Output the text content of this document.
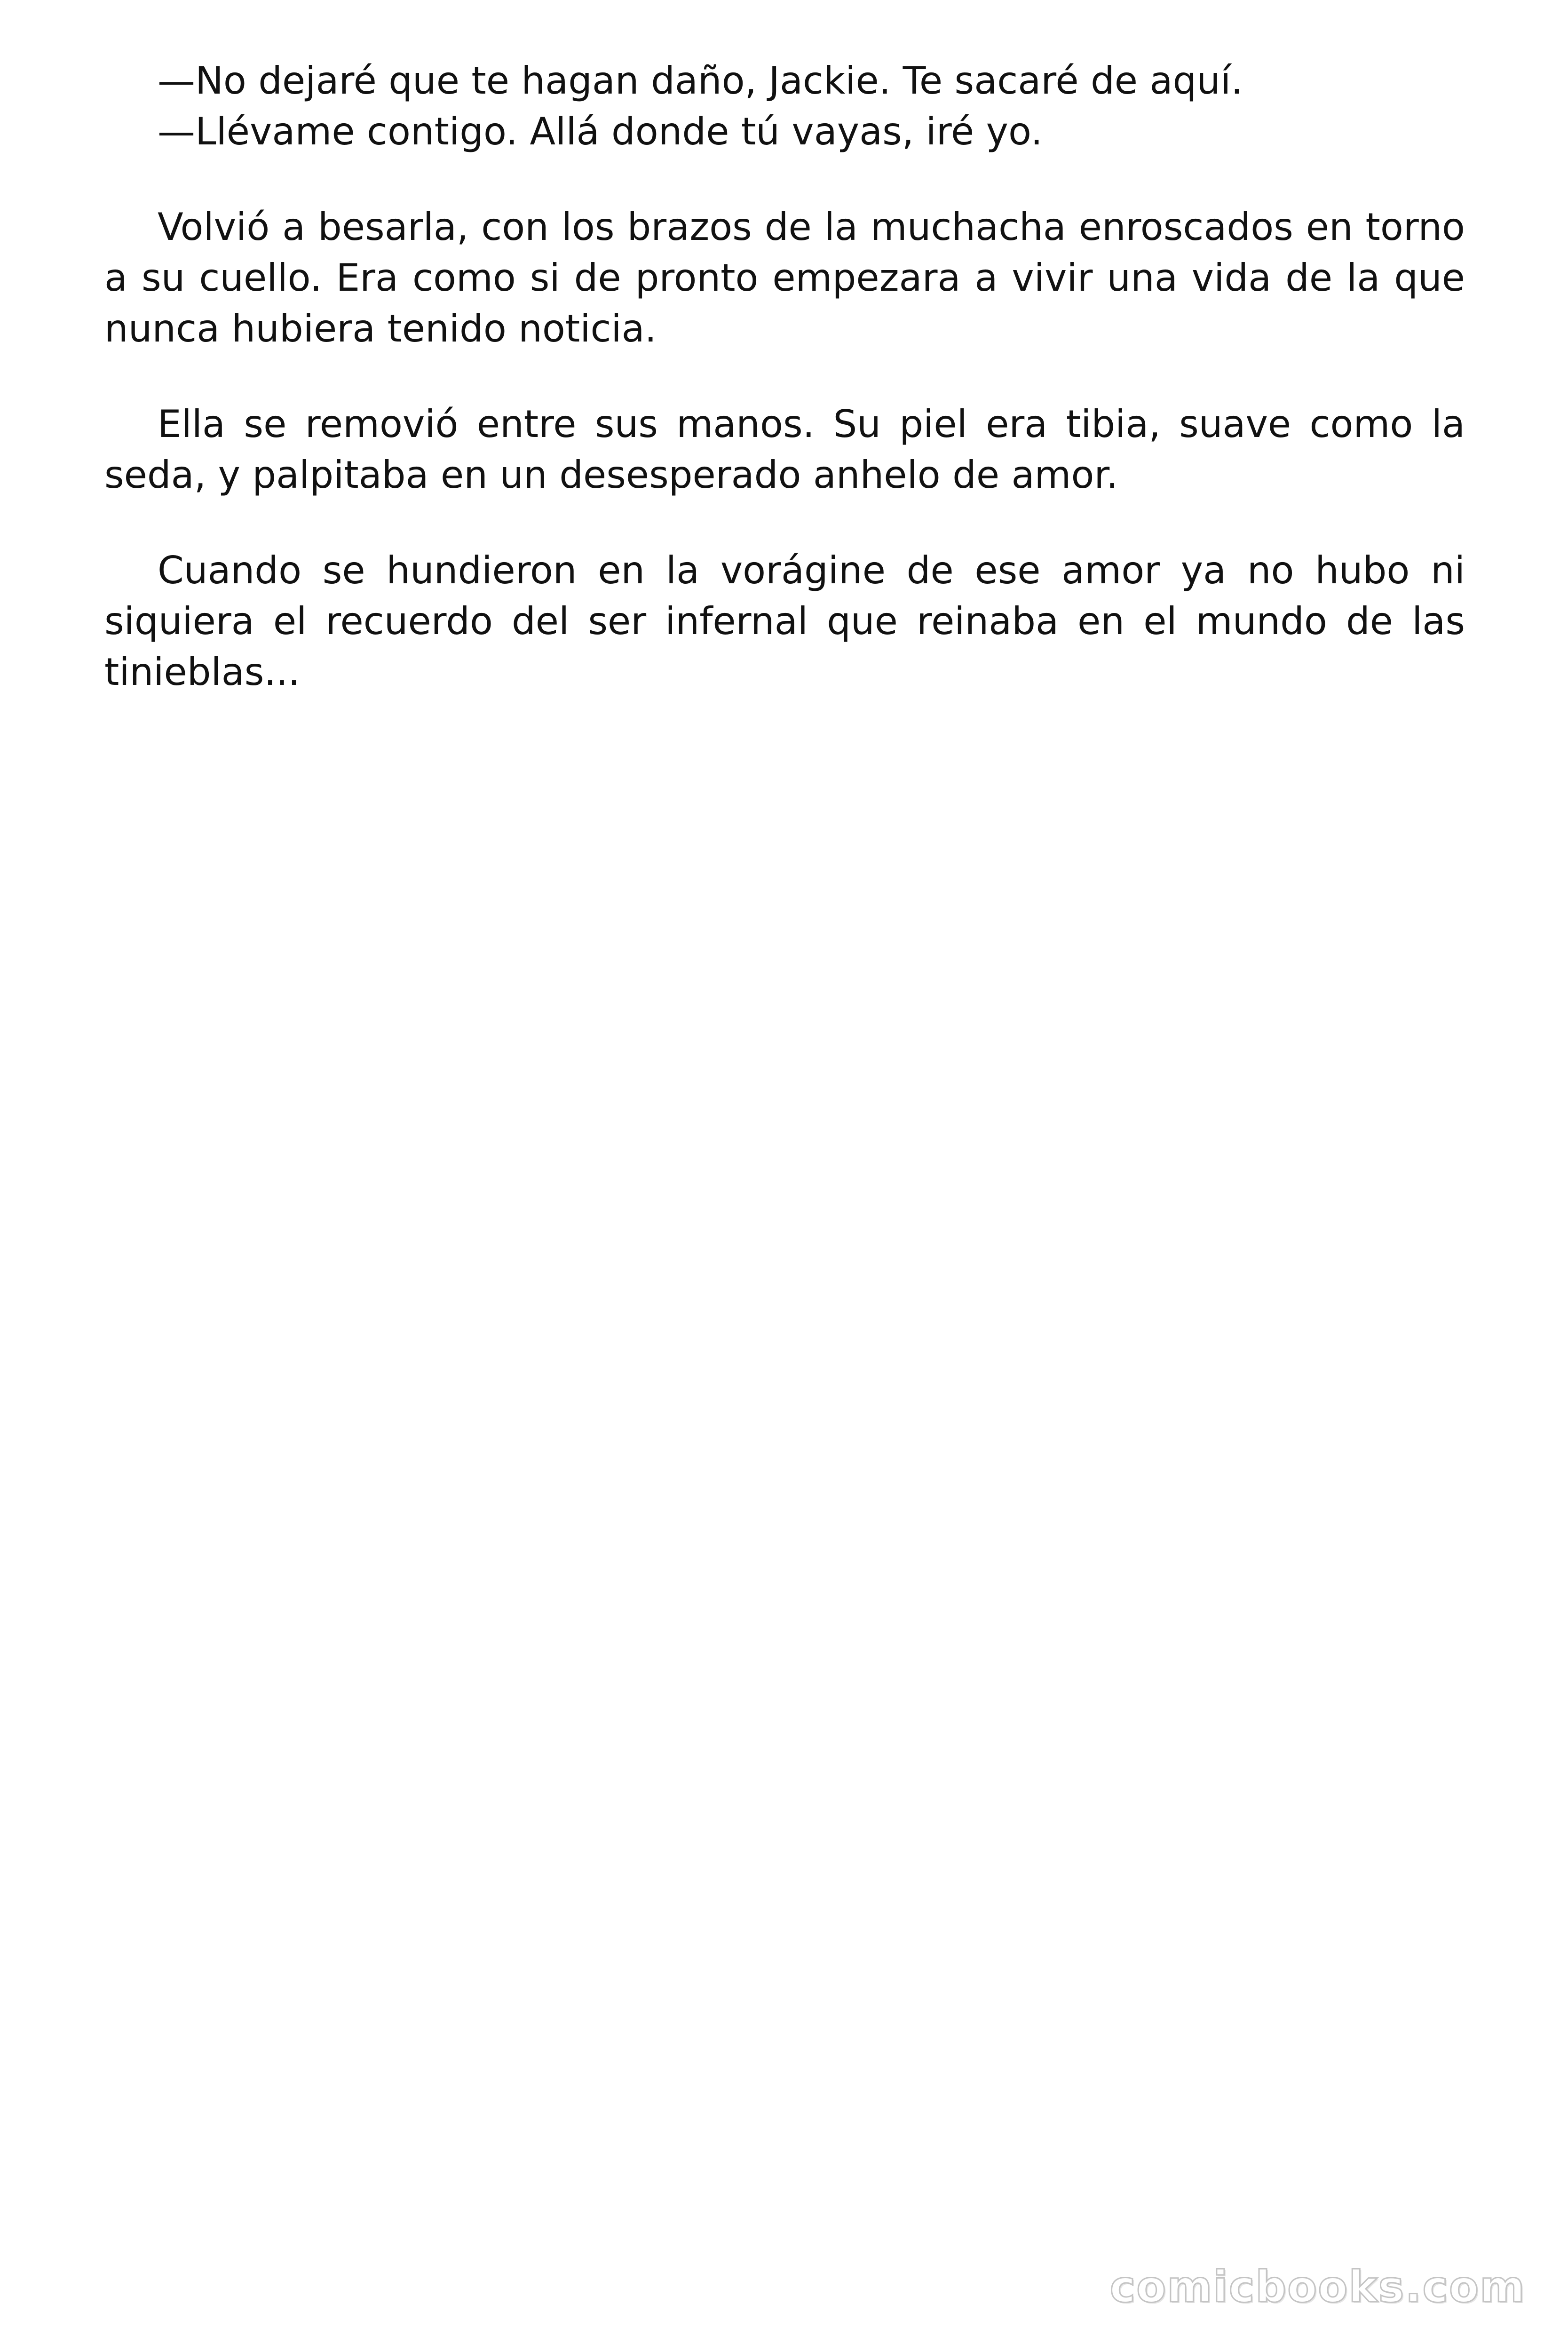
—No dejaré que te hagan daño, Jackie. Te sacaré de aquí.

—Llévame contigo. Allá donde tú vayas, iré yo.

Volvió a besarla, con los brazos de la muchacha enroscados en torno a su cuello. Era como si de pronto empezara a vivir una vida de la que nunca hubiera tenido noticia.

Ella se removió entre sus manos. Su piel era tibia, suave como la seda, y palpitaba en un desesperado anhelo de amor.

Cuando se hundieron en la vorágine de ese amor ya no hubo ni siquiera el recuerdo del ser infernal que reinaba en el mundo de las tinieblas...

comicbooks.com
